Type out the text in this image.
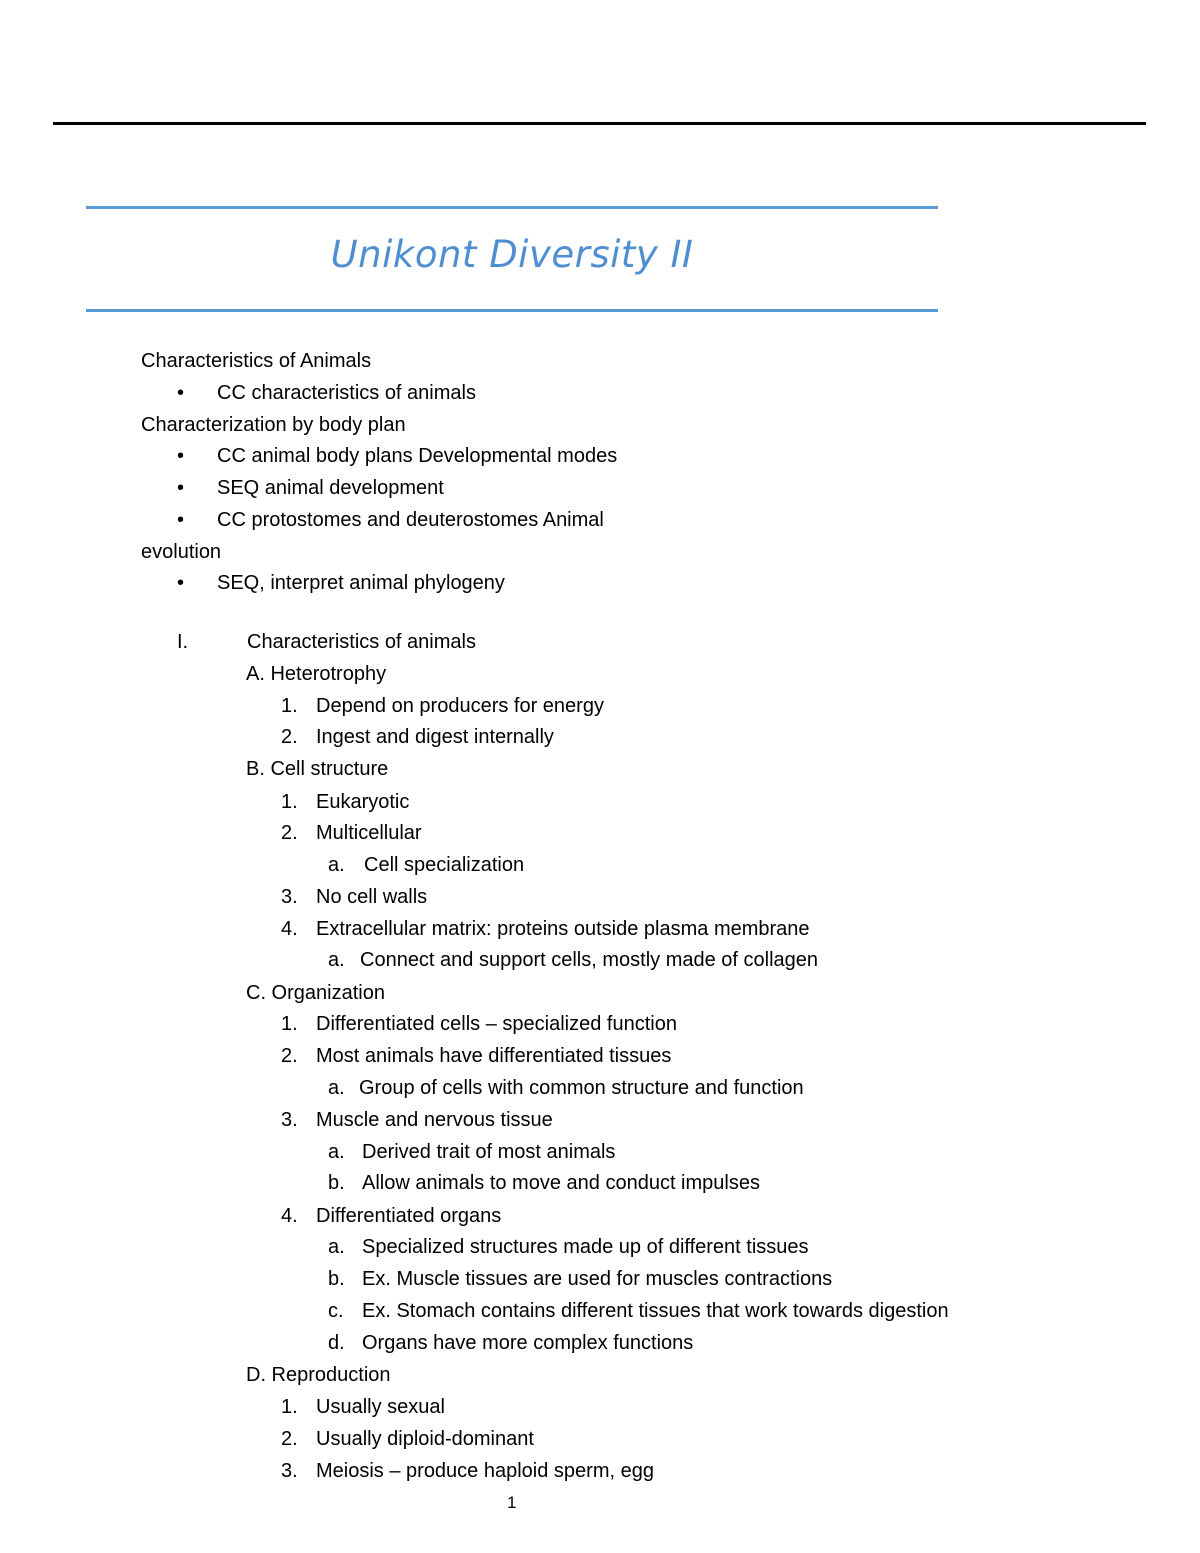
Unikont Diversity II
Characteristics of Animals
• CC characteristics of animals
Characterization by body plan
• CC animal body plans Developmental modes
• SEQ animal development
• CC protostomes and deuterostomes Animal
evolution
• SEQ, interpret animal phylogeny
I.	Characteristics of animals
A. Heterotrophy
1. Depend on producers for energy
2. Ingest and digest internally
B. Cell structure
1. Eukaryotic
2. Multicellular
a. Cell specialization
3. No cell walls
4. Extracellular matrix: proteins outside plasma membrane
a. Connect and support cells, mostly made of collagen
C. Organization
1. Differentiated cells – specialized function
2. Most animals have differentiated tissues
a. Group of cells with common structure and function
3. Muscle and nervous tissue
a. Derived trait of most animals
b. Allow animals to move and conduct impulses
4. Differentiated organs
a. Specialized structures made up of different tissues
b. Ex. Muscle tissues are used for muscles contractions
c. Ex. Stomach contains different tissues that work towards digestion
d. Organs have more complex functions
D. Reproduction
1. Usually sexual
2. Usually diploid-dominant
3. Meiosis – produce haploid sperm, egg
1
